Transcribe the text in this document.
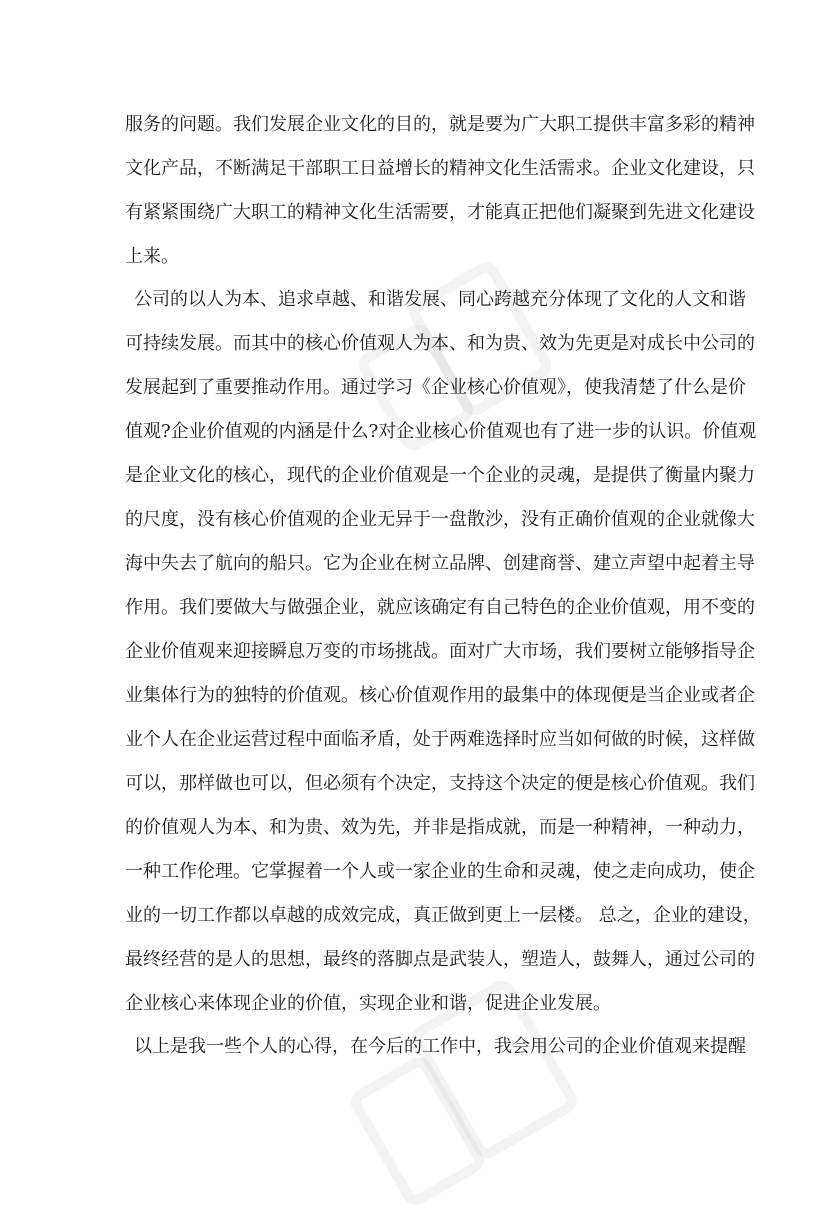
服务的问题。我们发展企业文化的目的，就是要为广大职工提供丰富多彩的精神
文化产品，不断满足干部职工日益增长的精神文化生活需求。企业文化建设，只
有紧紧围绕广大职工的精神文化生活需要，才能真正把他们凝聚到先进文化建设
上来。
公司的以人为本、追求卓越、和谐发展、同心跨越充分体现了文化的人文和谐
可持续发展。而其中的核心价值观人为本、和为贵、效为先更是对成长中公司的
发展起到了重要推动作用。通过学习《企业核心价值观》，使我清楚了什么是价
值观?企业价值观的内涵是什么?对企业核心价值观也有了进一步的认识。价值观
是企业文化的核心，现代的企业价值观是一个企业的灵魂，是提供了衡量内聚力
的尺度，没有核心价值观的企业无异于一盘散沙，没有正确价值观的企业就像大
海中失去了航向的船只。它为企业在树立品牌、创建商誉、建立声望中起着主导
作用。我们要做大与做强企业，就应该确定有自己特色的企业价值观，用不变的
企业价值观来迎接瞬息万变的市场挑战。面对广大市场，我们要树立能够指导企
业集体行为的独特的价值观。核心价值观作用的最集中的体现便是当企业或者企
业个人在企业运营过程中面临矛盾，处于两难选择时应当如何做的时候，这样做
可以，那样做也可以，但必须有个决定，支持这个决定的便是核心价值观。我们
的价值观人为本、和为贵、效为先，并非是指成就，而是一种精神，一种动力，
一种工作伦理。它掌握着一个人或一家企业的生命和灵魂，使之走向成功，使企
业的一切工作都以卓越的成效完成，真正做到更上一层楼。 总之，企业的建设，
最终经营的是人的思想，最终的落脚点是武装人，塑造人，鼓舞人，通过公司的
企业核心来体现企业的价值，实现企业和谐，促进企业发展。
以上是我一些个人的心得，在今后的工作中，我会用公司的企业价值观来提醒
